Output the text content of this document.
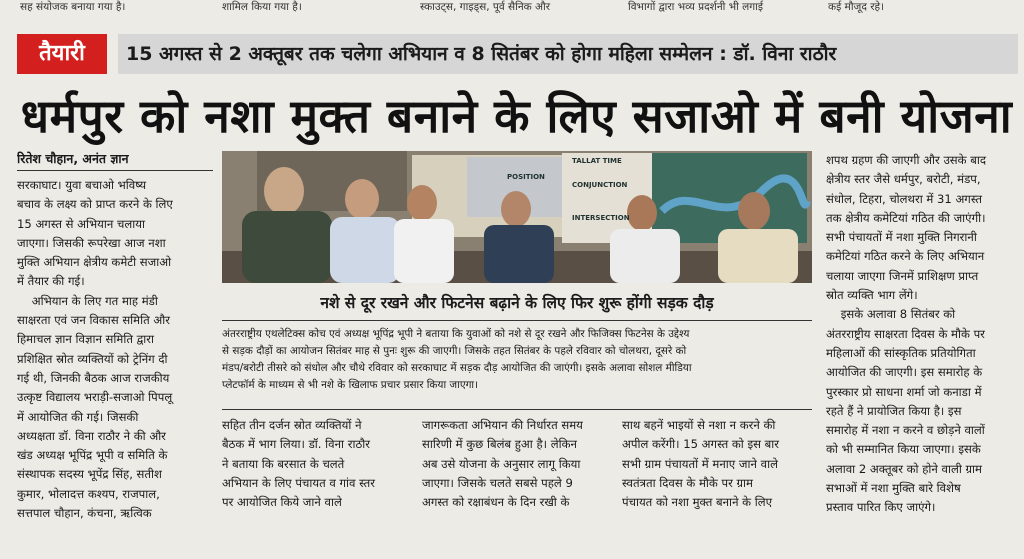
सह संयोजक बनाया गया है।	शामिल किया गया है।	स्काउट्स, गाइड्स, पूर्व सैनिक और	विभागों द्वारा भव्य प्रदर्शनी भी लगाई	कई मौजूद रहे।
तैयारी	15 अगस्त से 2 अक्तूबर तक चलेगा अभियान व 8 सितंबर को होगा महिला सम्मेलन : डॉ. विना राठौर
धर्मपुर को नशा मुक्त बनाने के लिए सजाओ में बनी योजना
रितेश चौहान, अनंत ज्ञान
सरकाघाट। युवा बचाओ भविष्य
बचाव के लक्ष्य को प्राप्त करने के लिए
15 अगस्त से अभियान चलाया
जाएगा। जिसकी रूपरेखा आज नशा
मुक्ति अभियान क्षेत्रीय कमेटी सजाओ
में तैयार की गई।
अभियान के लिए गत माह मंडी
साक्षरता एवं जन विकास समिति और
हिमाचल ज्ञान विज्ञान समिति द्वारा
प्रशिक्षित स्रोत व्यक्तियों को ट्रेनिंग दी
गई थी, जिनकी बैठक आज राजकीय
उत्कृष्ट विद्यालय भराड़ी-सजाओ पिपलू
में आयोजित की गई। जिसकी
अध्यक्षता डॉ. विना राठौर ने की और
खंड अध्यक्ष भूपिंद्र भूपी व समिति के
संस्थापक सदस्य भूपेंद्र सिंह, सतीश
कुमार, भोलादत्त कश्यप, राजपाल,
सत्तपाल चौहान, कंचना, ऋत्विक
CONJUNCTION
INTERSECTION
POSITION
TALLAT TIME
नशे से दूर रखने और फिटनेस बढ़ाने के लिए फिर शुरू होंगी सड़क दौड़
अंतरराष्ट्रीय एथलेटिक्स कोच एवं अध्यक्ष भूपिंद्र भूपी ने बताया कि युवाओं को नशे से दूर रखने और फिजिक्स फिटनेस के उद्देश्य
से सड़क दौड़ों का आयोजन सितंबर माह से पुनः शुरू की जाएगी। जिसके तहत सितंबर के पहले रविवार को चोलथरा, दूसरे को
मंडप/बरोटी तीसरे को संधोल और चौथे रविवार को सरकाघाट में सड़क दौड़ आयोजित की जाएंगी। इसके अलावा सोशल मीडिया
प्लेटफॉर्म के माध्यम से भी नशे के खिलाफ प्रचार प्रसार किया जाएगा।
सहित तीन दर्जन स्रोत व्यक्तियों ने
बैठक में भाग लिया। डॉ. विना राठौर
ने बताया कि बरसात के चलते
अभियान के लिए पंचायत व गांव स्तर
पर आयोजित किये जाने वाले
जागरूकता अभियान की निर्धारत समय
सारिणी में कुछ बिलंब हुआ है। लेकिन
अब उसे योजना के अनुसार लागू किया
जाएगा। जिसके चलते सबसे पहले 9
अगस्त को रक्षाबंधन के दिन रखी के
साथ बहनें भाइयों से नशा न करने की
अपील करेंगी। 15 अगस्त को इस बार
सभी ग्राम पंचायतों में मनाए जाने वाले
स्वतंत्रता दिवस के मौके पर ग्राम
पंचायत को नशा मुक्त बनाने के लिए
शपथ ग्रहण की जाएगी और उसके बाद
क्षेत्रीय स्तर जैसे धर्मपुर, बरोटी, मंडप,
संधोल, टिहरा, चोलथरा में 31 अगस्त
तक क्षेत्रीय कमेटियां गठित की जाएंगी।
सभी पंचायतों में नशा मुक्ति निगरानी
कमेटियां गठित करने के लिए अभियान
चलाया जाएगा जिनमें प्राशिक्षण प्राप्त
स्रोत व्यक्ति भाग लेंगे।
इसके अलावा 8 सितंबर को
अंतरराष्ट्रीय साक्षरता दिवस के मौके पर
महिलाओं की सांस्कृतिक प्रतियोगिता
आयोजित की जाएगी। इस समारोह के
पुरस्कार प्रो साधना शर्मा जो कनाडा में
रहते हैं ने प्रायोजित किया है। इस
समारोह में नशा न करने व छोड़ने वालों
को भी सम्मानित किया जाएगा। इसके
अलावा 2 अक्तूबर को होने वाली ग्राम
सभाओं में नशा मुक्ति बारे विशेष
प्रस्ताव पारित किए जाएंगे।
